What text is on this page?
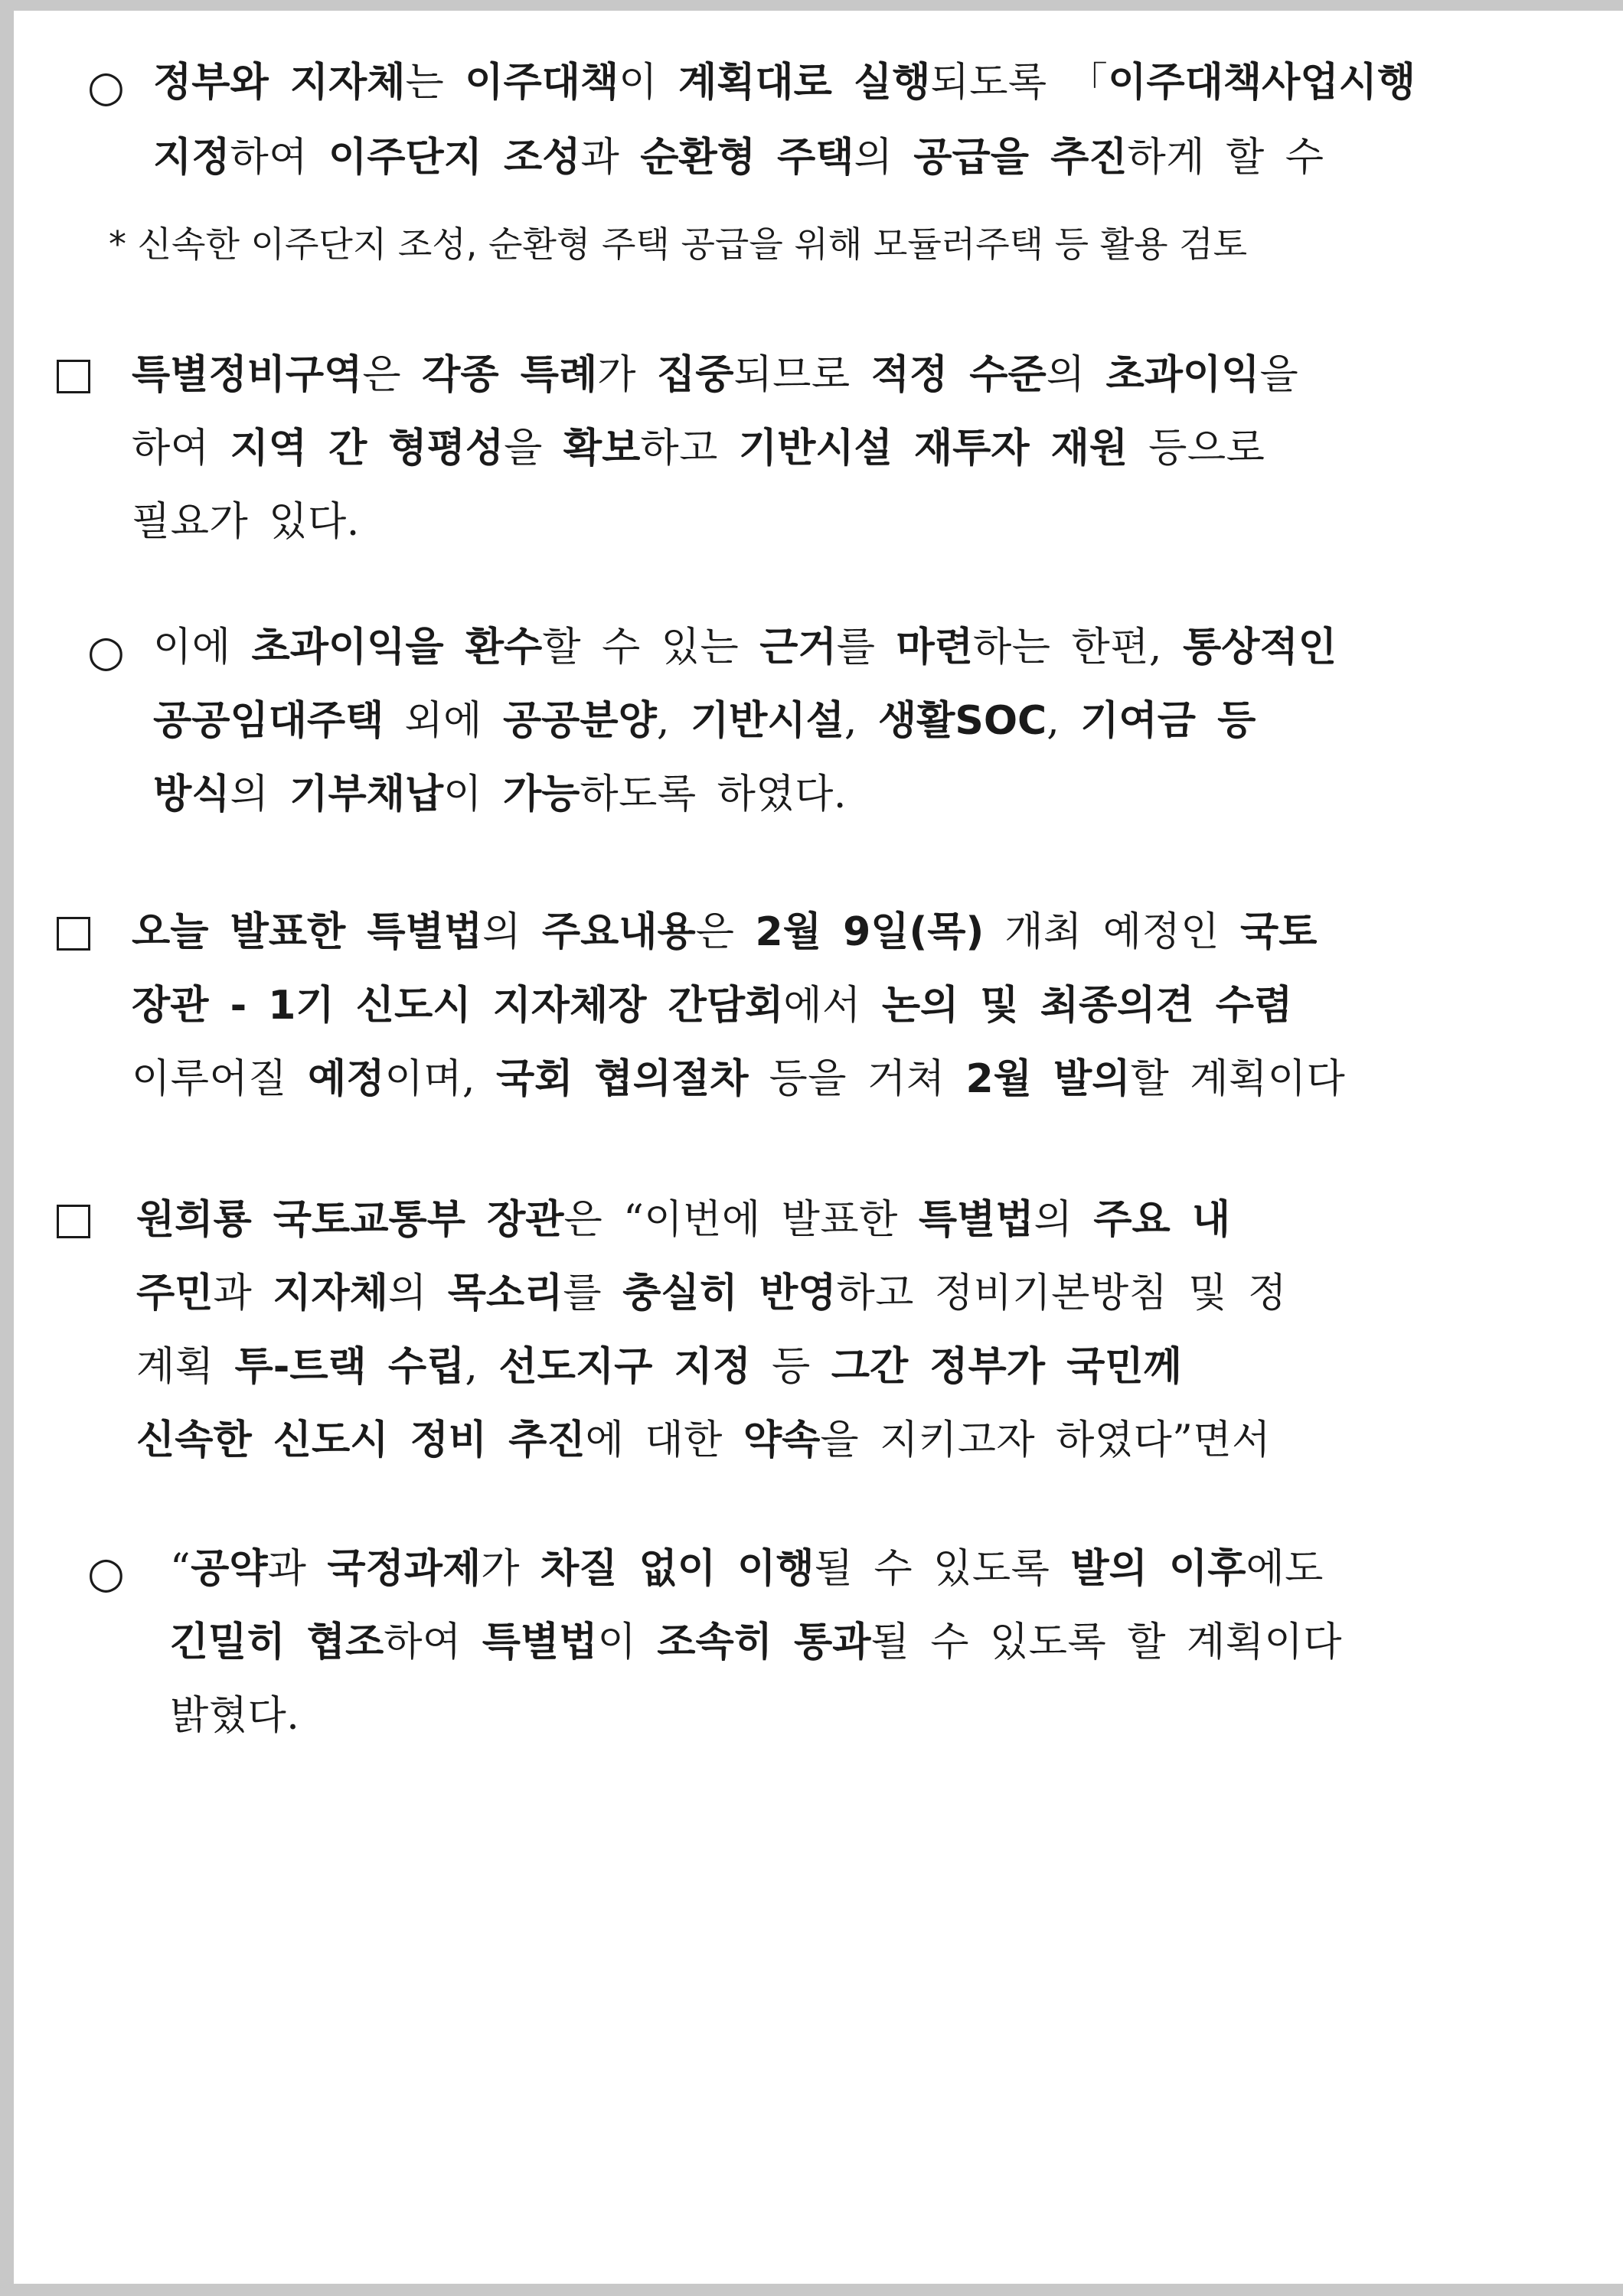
○ 정부와 지자체는 이주대책이 계획대로 실행되도록 「이주대책사업시행
지정하여 이주단지 조성과 순환형 주택의 공급을 추진하게 할 수
* 신속한 이주단지 조성, 순환형 주택 공급을 위해 모듈러주택 등 활용 검토
특별정비구역은 각종 특례가 집중되므로 적정 수준의 초과이익을
하여 지역 간 형평성을 확보하고 기반시설 재투자 재원 등으로
필요가 있다.
○ 이에 초과이익을 환수할 수 있는 근거를 마련하는 한편, 통상적인
공공임대주택 외에 공공분양, 기반시설, 생활SOC, 기여금 등
방식의 기부채납이 가능하도록 하였다.
오늘 발표한 특별법의 주요내용은 2월 9일(목) 개최 예정인 국토
장관 - 1기 신도시 지자체장 간담회에서 논의 및 최종의견 수렴
이루어질 예정이며, 국회 협의절차 등을 거쳐 2월 발의할 계획이다
원희룡 국토교통부 장관은 “이번에 발표한 특별법의 주요 내
주민과 지자체의 목소리를 충실히 반영하고 정비기본방침 및 정
계획 투-트랙 수립, 선도지구 지정 등 그간 정부가 국민께
신속한 신도시 정비 추진에 대한 약속을 지키고자 하였다”면서
○ “공약과 국정과제가 차질 없이 이행될 수 있도록 발의 이후에도
긴밀히 협조하여 특별법이 조속히 통과될 수 있도록 할 계획이다
밝혔다.
